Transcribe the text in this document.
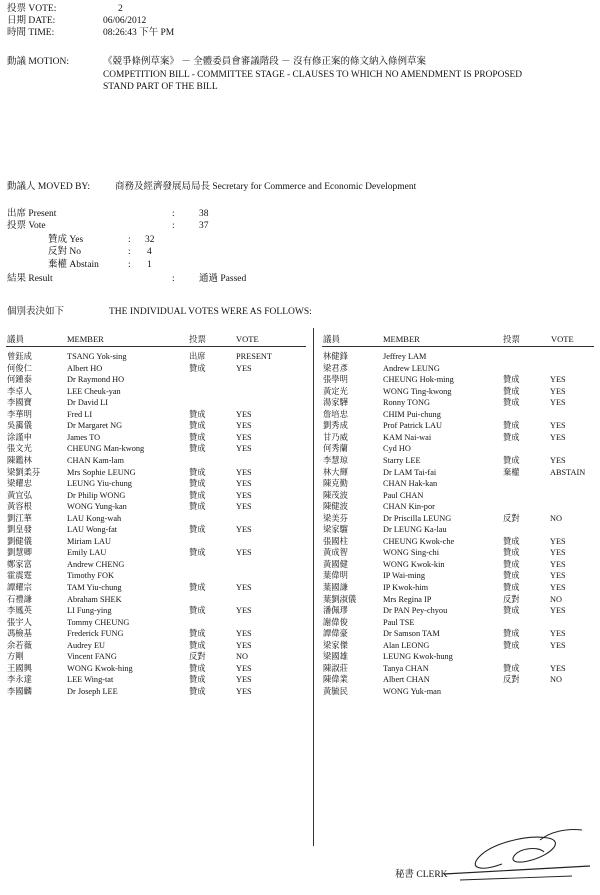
投票 VOTE:	2
日期 DATE:	06/06/2012
時間 TIME:	08:26:43 下午 PM
動議 MOTION:	《競爭條例草案》 － 全體委員會審議階段 － 沒有修正案的條文納入條例草案
COMPETITION BILL - COMMITTEE STAGE - CLAUSES TO WHICH NO AMENDMENT IS PROPOSED
STAND PART OF THE BILL
動議人 MOVED BY:	商務及經濟發展局局長 Secretary for Commerce and Economic Development
出席 Present	:	38
投票 Vote	:	37
贊成 Yes	: 32
反對 No	: 4
棄權 Abstain	: 1
結果 Result	:	通過 Passed
個別表決如下	THE INDIVIDUAL VOTES WERE AS FOLLOWS:
議員	MEMBER	投票	VOTE	議員	MEMBER	投票	VOTE
曾鈺成	TSANG Yok-sing	出席	PRESENT
何俊仁	Albert HO	贊成	YES
何鍾泰	Dr Raymond HO
李卓人	LEE Cheuk-yan
李國寶	Dr David LI
李華明	Fred LI	贊成	YES
吳靄儀	Dr Margaret NG	贊成	YES
涂謹申	James TO	贊成	YES
張文光	CHEUNG Man-kwong	贊成	YES
陳鑑林	CHAN Kam-lam
梁劉柔芬	Mrs Sophie LEUNG	贊成	YES
梁耀忠	LEUNG Yiu-chung	贊成	YES
黃宜弘	Dr Philip WONG	贊成	YES
黃容根	WONG Yung-kan	贊成	YES
劉江華	LAU Kong-wah
劉皇發	LAU Wong-fat	贊成	YES
劉健儀	Miriam LAU
劉慧卿	Emily LAU	贊成	YES
鄭家富	Andrew CHENG
霍震霆	Timothy FOK
譚耀宗	TAM Yiu-chung	贊成	YES
石禮謙	Abraham SHEK
李鳳英	LI Fung-ying	贊成	YES
張宇人	Tommy CHEUNG
馮檢基	Frederick FUNG	贊成	YES
余若薇	Audrey EU	贊成	YES
方剛	Vincent FANG	反對	NO
王國興	WONG Kwok-hing	贊成	YES
李永達	LEE Wing-tat	贊成	YES
李國麟	Dr Joseph LEE	贊成	YES
林健鋒	Jeffrey LAM
梁君彥	Andrew LEUNG
張學明	CHEUNG Hok-ming	贊成	YES
黃定光	WONG Ting-kwong	贊成	YES
湯家驊	Ronny TONG	贊成	YES
詹培忠	CHIM Pui-chung
劉秀成	Prof Patrick LAU	贊成	YES
甘乃威	KAM Nai-wai	贊成	YES
何秀蘭	Cyd HO
李慧琼	Starry LEE	贊成	YES
林大輝	Dr LAM Tai-fai	棄權	ABSTAIN
陳克勤	CHAN Hak-kan
陳茂波	Paul CHAN
陳健波	CHAN Kin-por
梁美芬	Dr Priscilla LEUNG	反對	NO
梁家騮	Dr LEUNG Ka-lau
張國柱	CHEUNG Kwok-che	贊成	YES
黃成智	WONG Sing-chi	贊成	YES
黃國健	WONG Kwok-kin	贊成	YES
葉偉明	IP Wai-ming	贊成	YES
葉國謙	IP Kwok-him	贊成	YES
葉劉淑儀	Mrs Regina IP	反對	NO
潘佩璆	Dr PAN Pey-chyou	贊成	YES
謝偉俊	Paul TSE
譚偉豪	Dr Samson TAM	贊成	YES
梁家傑	Alan LEONG	贊成	YES
梁國雄	LEUNG Kwok-hung
陳淑莊	Tanya CHAN	贊成	YES
陳偉業	Albert CHAN	反對	NO
黃毓民	WONG Yuk-man
秘書 CLERK
